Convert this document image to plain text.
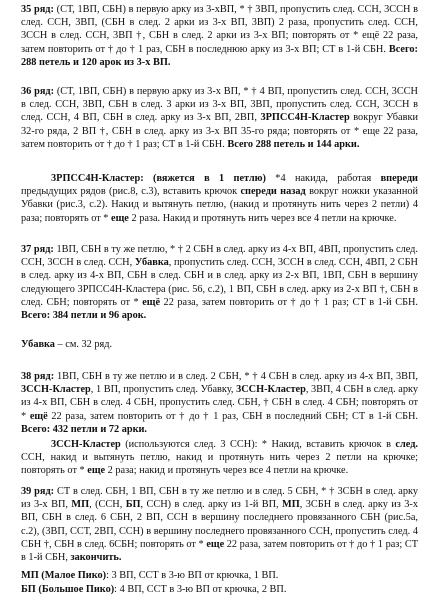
35 ряд: (СТ, 1ВП, СБН) в первую арку из 3-хВП, * † 3ВП, пропустить след. ССН, 3ССН в след. ССН, 3ВП, (СБН в след. 2 арки из 3-х ВП, 3ВП) 2 раза, пропустить след. ССН, 3ССН в след. ССН, 3ВП †, СБН в след. 2 арки из 3-х ВП; повторять от * ещё 22 раза, затем повторить от † до † 1 раз, СБН в последнюю арку из 3-х ВП; СТ в 1-й СБН. Всего: 288 петель и 120 арок из 3-х ВП.

36 ряд: (СТ, 1ВП, СБН) в первую арку из 3-х ВП, * † 4 ВП, пропустить след. ССН, 3ССН в след. ССН, 3ВП, СБН в след. 3 арки из 3-х ВП, 3ВП, пропустить след. ССН, 3ССН в след. ССН, 4 ВП, СБН в след. арку из 3-х ВП, 2ВП, 3РПСС4Н-Кластер вокруг Убавки 32-го ряда, 2 ВП †, СБН в след. арку из 3-х ВП 35-го ряда; повторять от * еще 22 раза, затем повторить от † до † 1 раз; СТ в 1-й СБН. Всего 288 петель и 144 арки.

3РПСС4Н-Кластер: (вяжется в 1 петлю) *4 накида, работая впереди предыдущих рядов (рис.8, с.3), вставить крючок спереди назад вокруг ножки указанной Убавки (рис.3, с.2). Накид и вытянуть петлю, (накид и протянуть нить через 2 петли) 4 раза; повторять от * еще 2 раза. Накид и протянуть нить через все 4 петли на крючке.

37 ряд: 1ВП, СБН в ту же петлю, * † 2 СБН в след. арку из 4-х ВП, 4ВП, пропустить след. ССН, 3ССН в след. ССН, Убавка, пропустить след. ССН, 3ССН в след. ССН, 4ВП, 2 СБН в след. арку из 4-х ВП, СБН в след. СБН и в след. арку из 2-х ВП, 1ВП, СБН в вершину следующего 3РПСС4Н-Кластера (рис. 56, с.2), 1 ВП, СБН в след. арку из 2-х ВП †, СБН в след. СБН; повторять от * ещё 22 раза, затем повторить от † до † 1 раз; СТ в 1-й СБН. Всего: 384 петли и 96 арок.

Убавка – см. 32 ряд.

38 ряд: 1ВП, СБН в ту же петлю и в след. 2 СБН, * † 4 СБН в след. арку из 4-х ВП, 3ВП, 3ССН-Кластер, 1 ВП, пропустить след. Убавку, 3ССН-Кластер, 3ВП, 4 СБН в след. арку из 4-х ВП, СБН в след. 4 СБН, пропустить след. СБН, † СБН в след. 4 СБН; повторять от * ещё 22 раза, затем повторить от † до † 1 раз, СБН в последний СБН; СТ в 1-й СБН. Всего: 432 петли и 72 арки.

3ССН-Кластер (используются след. 3 ССН): * Накид, вставить крючок в след. ССН, накид и вытянуть петлю, накид и протянуть нить через 2 петли на крючке; повторять от * еще 2 раза; накид и протянуть через все 4 петли на крючке.

39 ряд: СТ в след. СБН, 1 ВП, СБН в ту же петлю и в след. 5 СБН, * † 3СБН в след. арку из 3-х ВП, МП, (ССН, БП, ССН) в след. арку из 1-й ВП, МП, 3СБН в след. арку из 3-х ВП, СБН в след. 6 СБН, 2 ВП, ССН в вершину последнего провязанного СБН (рис.5а, с.2), (3ВП, ССТ, 2ВП, ССН) в вершину последнего провязанного ССН, пропустить след. 4 СБН †, СБН в след. 6СБН; повторять от * еще 22 раза, затем повторить от † до † 1 раз; СТ в 1-й СБН, закончить.

МП (Малое Пико): 3 ВП, ССТ в 3-ю ВП от крючка, 1 ВП.

БП (Большое Пико): 4 ВП, ССТ в 3-ю ВП от крючка, 2 ВП.
